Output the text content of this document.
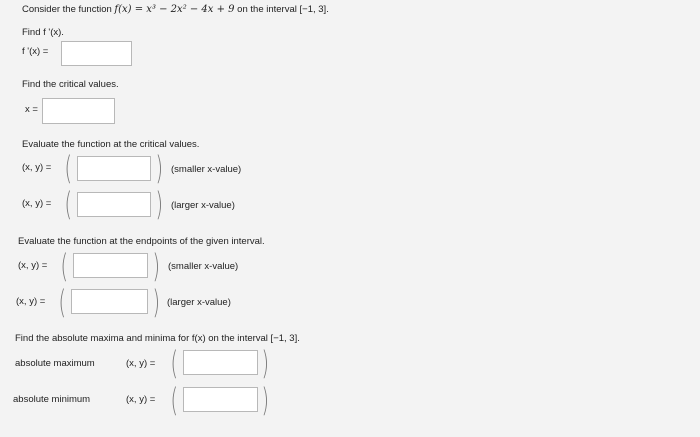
Consider the function f(x) = x³ − 2x² − 4x + 9 on the interval [−1, 3].
Find f '(x).
f '(x) =
Find the critical values.
x =
Evaluate the function at the critical values.
(x, y) = (	) (smaller x-value)
(x, y) = (	) (larger x-value)
Evaluate the function at the endpoints of the given interval.
(x, y) = (	) (smaller x-value)
(x, y) = (	) (larger x-value)
Find the absolute maxima and minima for f(x) on the interval [−1, 3].
absolute maximum	(x, y) = (	)
absolute minimum	(x, y) = (	)
